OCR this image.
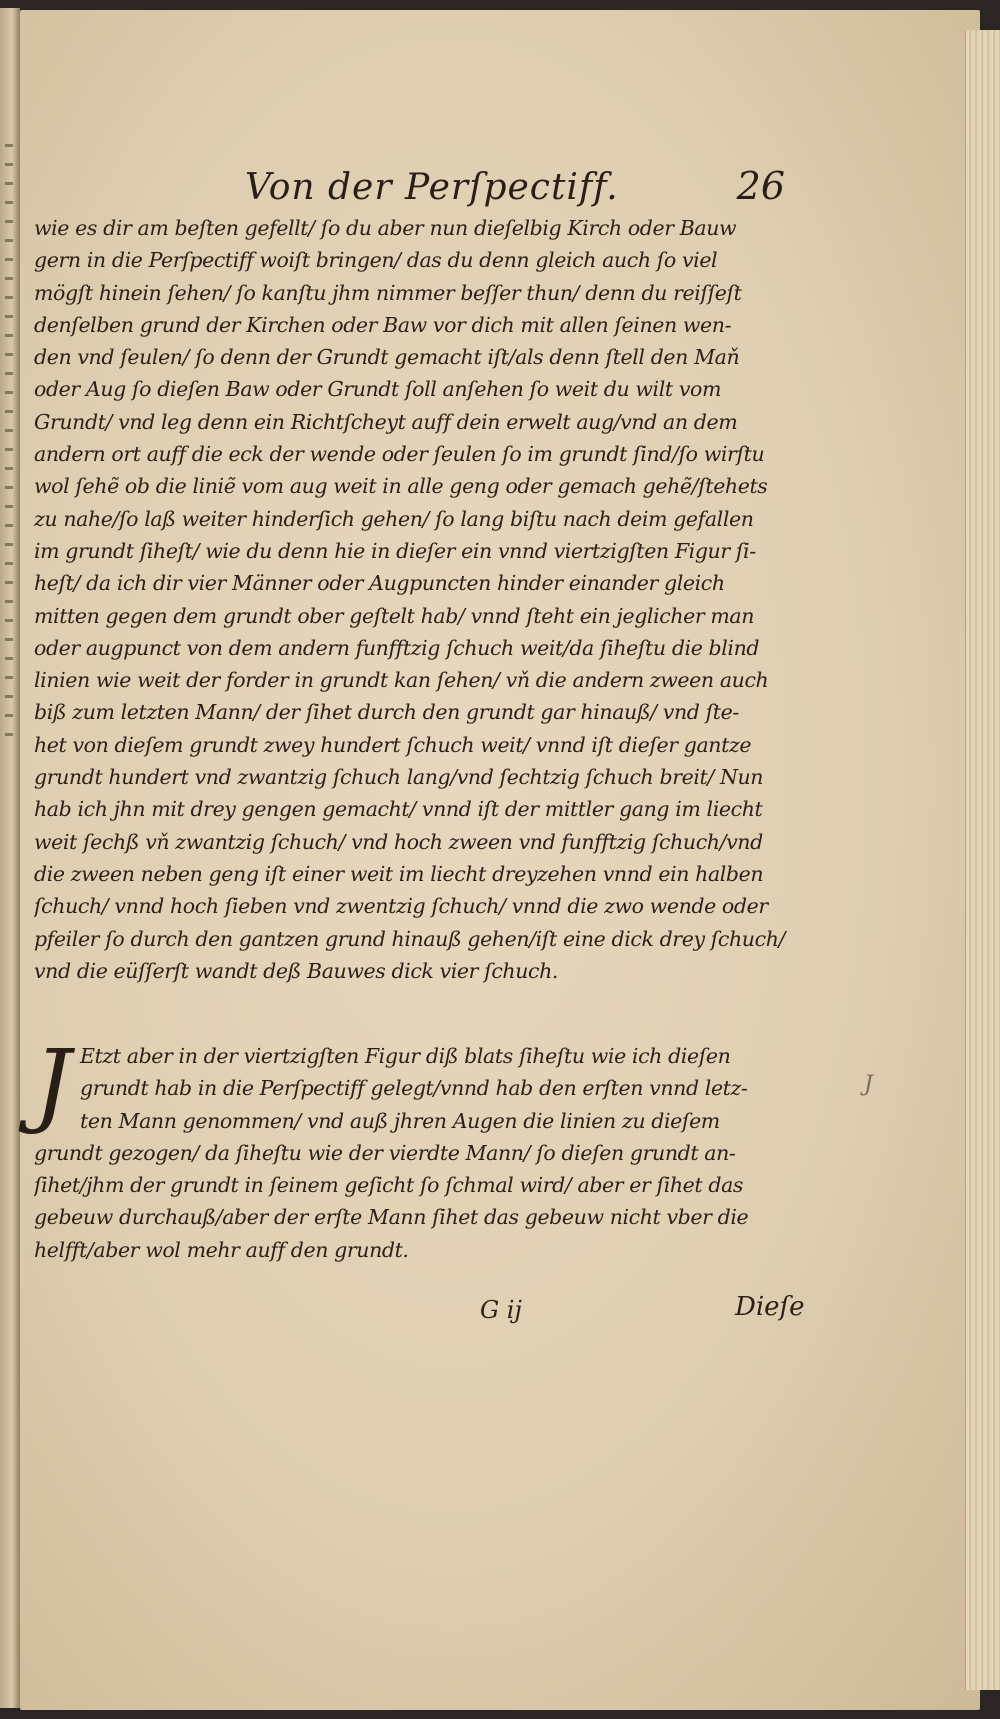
Von der Perſpectiff.	26
wie es dir am beſten gefellt/ ſo du aber nun dieſelbig Kirch oder Bauw
gern in die Perſpectiff woiſt bringen/ das du denn gleich auch ſo viel
mögſt hinein ſehen/ ſo kanſtu jhm nimmer beſſer thun/ denn du reiſſeſt
denſelben grund der Kirchen oder Baw vor dich mit allen ſeinen wen-
den vnd ſeulen/ ſo denn der Grundt gemacht iſt/als denn ſtell den Maň
oder Aug ſo dieſen Baw oder Grundt ſoll anſehen ſo weit du wilt vom
Grundt/ vnd leg denn ein Richtſcheyt auff dein erwelt aug/vnd an dem
andern ort auff die eck der wende oder ſeulen ſo im grundt ſind/ſo wirſtu
wol ſehẽ ob die liniẽ vom aug weit in alle geng oder gemach gehẽ/ſtehets
zu nahe/ſo laß weiter hinderſich gehen/ ſo lang biſtu nach deim gefallen
im grundt ſiheſt/ wie du denn hie in dieſer ein vnnd viertzigſten Figur ſi-
heſt/ da ich dir vier Männer oder Augpuncten hinder einander gleich
mitten gegen dem grundt ober geſtelt hab/ vnnd ſteht ein jeglicher man
oder augpunct von dem andern funfftzig ſchuch weit/da ſiheſtu die blind
linien wie weit der forder in grundt kan ſehen/ vň die andern zween auch
biß zum letzten Mann/ der ſihet durch den grundt gar hinauß/ vnd ſte-
het von dieſem grundt zwey hundert ſchuch weit/ vnnd iſt dieſer gantze
grundt hundert vnd zwantzig ſchuch lang/vnd ſechtzig ſchuch breit/ Nun
hab ich jhn mit drey gengen gemacht/ vnnd iſt der mittler gang im liecht
weit ſechß vň zwantzig ſchuch/ vnd hoch zween vnd funfftzig ſchuch/vnd
die zween neben geng iſt einer weit im liecht dreyzehen vnnd ein halben
ſchuch/ vnnd hoch ſieben vnd zwentzig ſchuch/ vnnd die zwo wende oder
pfeiler ſo durch den gantzen grund hinauß gehen/iſt eine dick drey ſchuch/
vnd die eüſſerſt wandt deß Bauwes dick vier ſchuch.
J Etzt aber in der viertzigſten Figur diß blats ſiheſtu wie ich dieſen
grundt hab in die Perſpectiff gelegt/vnnd hab den erſten vnnd letz-
ten Mann genommen/ vnd auß jhren Augen die linien zu dieſem
grundt gezogen/ da ſiheſtu wie der vierdte Mann/ ſo dieſen grundt an-
ſihet/jhm der grundt in ſeinem geſicht ſo ſchmal wird/ aber er ſihet das
gebeuw durchauß/aber der erſte Mann ſihet das gebeuw nicht vber die
helfft/aber wol mehr auff den grundt.
J
G ij	Dieſe
